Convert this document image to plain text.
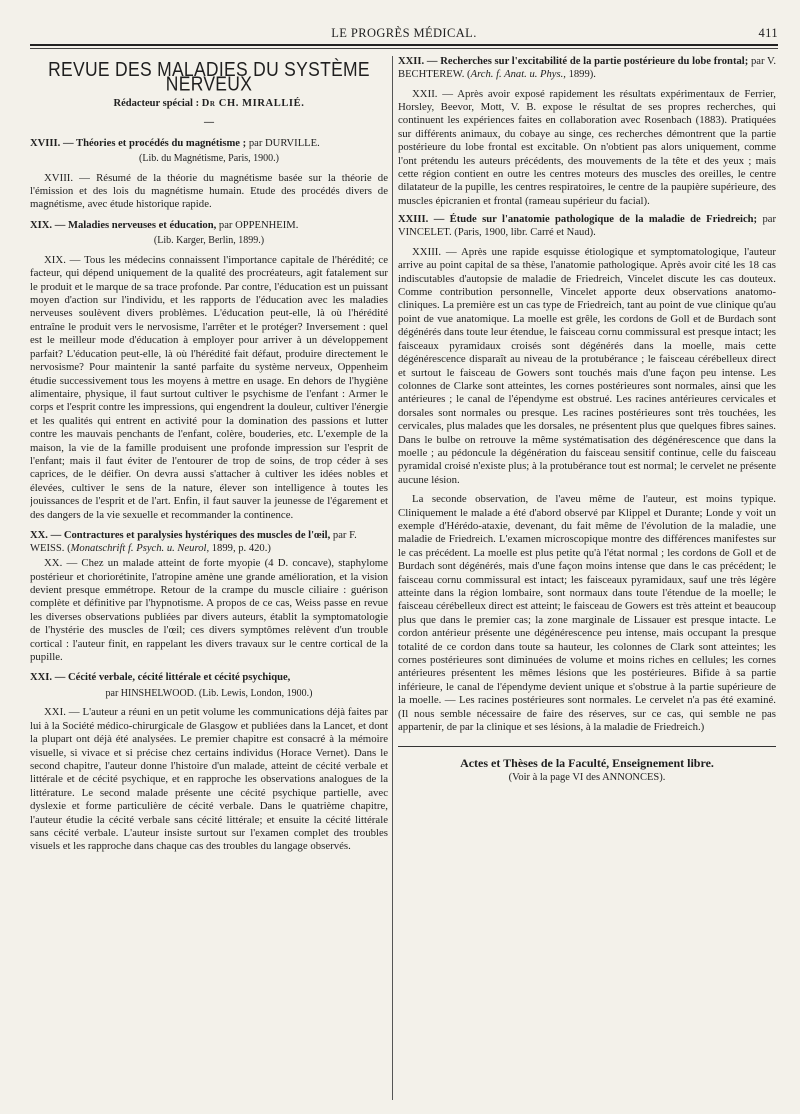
LE PROGRÈS MÉDICAL.	411
REVUE DES MALADIES DU SYSTÈME NERVEUX
Rédacteur spécial : Dr CH. MIRALLIÉ.
—
XVIII. — Théories et procédés du magnétisme ; par DURVILLE.
(Lib. du Magnétisme, Paris, 1900.)

XVIII. — Résumé de la théorie du magnétisme basée sur la théorie de l'émission et des lois du magnétisme humain. Etude des procédés divers de magnétisme, avec étude historique rapide.

XIX. — Maladies nerveuses et éducation, par OPPENHEIM.
(Lib. Karger, Berlin, 1899.)

XIX. — Tous les médecins connaissent l'importance capitale de l'hérédité; ce facteur, qui dépend uniquement de la qualité des procréateurs, agit fatalement sur le produit et le marque de sa trace profonde. Par contre, l'éducation est un puissant moyen d'action sur l'individu, et les rapports de l'éducation avec les maladies nerveuses soulèvent divers problèmes. L'éducation peut-elle, là où l'hérédité entraîne le produit vers le nervosisme, l'arrêter et le protéger? Inversement : quel est le meilleur mode d'éducation à employer pour arriver à un développement parfait? L'éducation peut-elle, là où l'hérédité fait défaut, produire directement le nervosisme? Pour maintenir la santé parfaite du système nerveux, Oppenheim étudie successivement tous les moyens à mettre en usage. En dehors de l'hygiène alimentaire, physique, il faut surtout cultiver le psychisme de l'enfant : Armer le corps et l'esprit contre les impressions, qui engendrent la douleur, cultiver l'énergie et les qualités qui entrent en activité pour la domination des passions et lutter contre les mauvais penchants de l'enfant, colère, bouderies, etc. L'exemple de la maison, la vie de la famille produisent une profonde impression sur l'esprit de l'enfant; mais il faut éviter de l'entourer de trop de soins, de trop céder à ses caprices, de le déifier. On devra aussi s'attacher à cultiver les idées nobles et élevées, cultiver le sens de la nature, élever son intelligence à toutes les jouissances de l'esprit et de l'art. Enfin, il faut sauver la jeunesse de l'égarement et des dangers de la vie sexuelle et recommander la continence.

XX. — Contractures et paralysies hystériques des muscles de l'œil, par F. WEISS. (Monatschrift f. Psych. u. Neurol, 1899, p. 420.)

XX. — Chez un malade atteint de forte myopie (4 D. concave), staphylome postérieur et choriorétinite, l'atropine amène une grande amélioration, et la vision devient presque emmétrope. Retour de la crampe du muscle ciliaire : guérison complète et définitive par l'hypnotisme. A propos de ce cas, Weiss passe en revue les diverses observations publiées par divers auteurs, établit la symptomatologie de l'hystérie des muscles de l'œil; ces divers symptômes relèvent d'un trouble cortical : l'auteur finit, en rappelant les divers travaux sur le centre cortical de la pupille.

XXI. — Cécité verbale, cécité littérale et cécité psychique,
par HINSHELWOOD. (Lib. Lewis, London, 1900.)

XXI. — L'auteur a réuni en un petit volume les communications déjà faites par lui à la Société médico-chirurgicale de Glasgow et publiées dans la Lancet, et dont la plupart ont déjà été analysées. Le premier chapitre est consacré à la mémoire visuelle, si vivace et si précise chez certains individus (Horace Vernet). Dans le second chapitre, l'auteur donne l'histoire d'un malade, atteint de cécité verbale et littérale et de cécité psychique, et en rapproche les observations analogues de la littérature. Le second malade présente une cécité psychique partielle, avec dyslexie et forme particulière de cécité verbale. Dans le quatrième chapitre, l'auteur étudie la cécité verbale sans cécité littérale; et ensuite la cécité littérale sans cécité verbale. L'auteur insiste surtout sur l'examen complet des troubles visuels et les rapproche dans chaque cas des troubles du langage observés.

XXII. — Recherches sur l'excitabilité de la partie postérieure du lobe frontal; par V. BECHTEREW. (Arch. f. Anat. u. Phys., 1899).

XXII. — Après avoir exposé rapidement les résultats expérimentaux de Ferrier, Horsley, Beevor, Mott, V. B. expose le résultat de ses propres recherches, qui continuent les expériences faites en collaboration avec Rosenbach (1883). Pratiquées sur différents animaux, du cobaye au singe, ces recherches démontrent que la partie postérieure du lobe frontal est excitable. On n'obtient pas alors uniquement, comme l'ont prétendu les auteurs précédents, des mouvements de la tête et des yeux ; mais cette région contient en outre les centres moteurs des muscles des oreilles, le centre dilatateur de la pupille, les centres respiratoires, le centre de la paupière supérieure, des muscles épicranien et frontal (rameau supérieur du facial).

XXIII. — Étude sur l'anatomie pathologique de la maladie de Friedreich; par VINCELET. (Paris, 1900, libr. Carré et Naud).

XXIII. — Après une rapide esquisse étiologique et symptomatologique, l'auteur arrive au point capital de sa thèse, l'anatomie pathologique. Après avoir cité les 18 cas indiscutables d'autopsie de maladie de Friedreich, Vincelet discute les cas douteux. Comme contribution personnelle, Vincelet apporte deux observations anatomo-cliniques. La première est un cas type de Friedreich, tant au point de vue clinique qu'au point de vue anatomique. La moelle est grêle, les cordons de Goll et de Burdach sont dégénérés dans toute leur étendue, le faisceau cornu commissural est presque intact; les faisceaux pyramidaux croisés sont dégénérés dans la moelle, mais cette dégénérescence disparaît au niveau de la protubérance ; le faisceau cérébelleux direct et surtout le faisceau de Gowers sont touchés mais d'une façon peu intense. Les colonnes de Clarke sont atteintes, les cornes postérieures sont normales, ainsi que les antérieures ; le canal de l'épendyme est obstrué. Les racines antérieures cervicales et dorsales sont normales ou presque. Les racines postérieures sont très touchées, les cervicales, plus malades que les dorsales, ne présentent plus que quelques fibres saines. Dans le bulbe on retrouve la même systématisation des dégénérescence que dans la moelle ; au pédoncule la dégénération du faisceau sensitif continue, celle du faisceau pyramidal croisé n'existe plus; à la protubérance tout est normal; le cervelet ne présente aucune lésion.

La seconde observation, de l'aveu même de l'auteur, est moins typique. Cliniquement le malade a été d'abord observé par Klippel et Durante; Londe y voit un exemple d'Hérédo-ataxie, devenant, du fait même de l'évolution de la maladie, une maladie de Friedreich. L'examen microscopique montre des différences manifestes sur le cas précédent. La moelle est plus petite qu'à l'état normal ; les cordons de Goll et de Burdach sont dégénérés, mais d'une façon moins intense que dans le cas précédent; le faisceau cornu commissural est intact; les faisceaux pyramidaux, sauf une très légère atteinte dans la région lombaire, sont normaux dans toute l'étendue de la moelle; le faisceau cérébelleux direct est atteint; le faisceau de Gowers est très atteint et beaucoup plus que dans le premier cas; la zone marginale de Lissauer est presque intacte. Le cordon antérieur présente une dégénérescence peu intense, mais occupant la presque totalité de ce cordon dans toute sa hauteur, les colonnes de Clark sont atteintes; les cornes postérieures sont diminuées de volume et moins riches en cellules; les cornes antérieures présentent les mêmes lésions que les postérieures. Bifide à sa partie inférieure, le canal de l'épendyme devient unique et s'obstrue à la partie supérieure de la moelle. — Les racines postérieures sont normales. Le cervelet n'a pas été examiné. (Il nous semble nécessaire de faire des réserves, sur ce cas, qui semble ne pas appartenir, de par la clinique et ses lésions, à la maladie de Friedreich.)

Actes et Thèses de la Faculté, Enseignement libre.
(Voir à la page VI des ANNONCES).
